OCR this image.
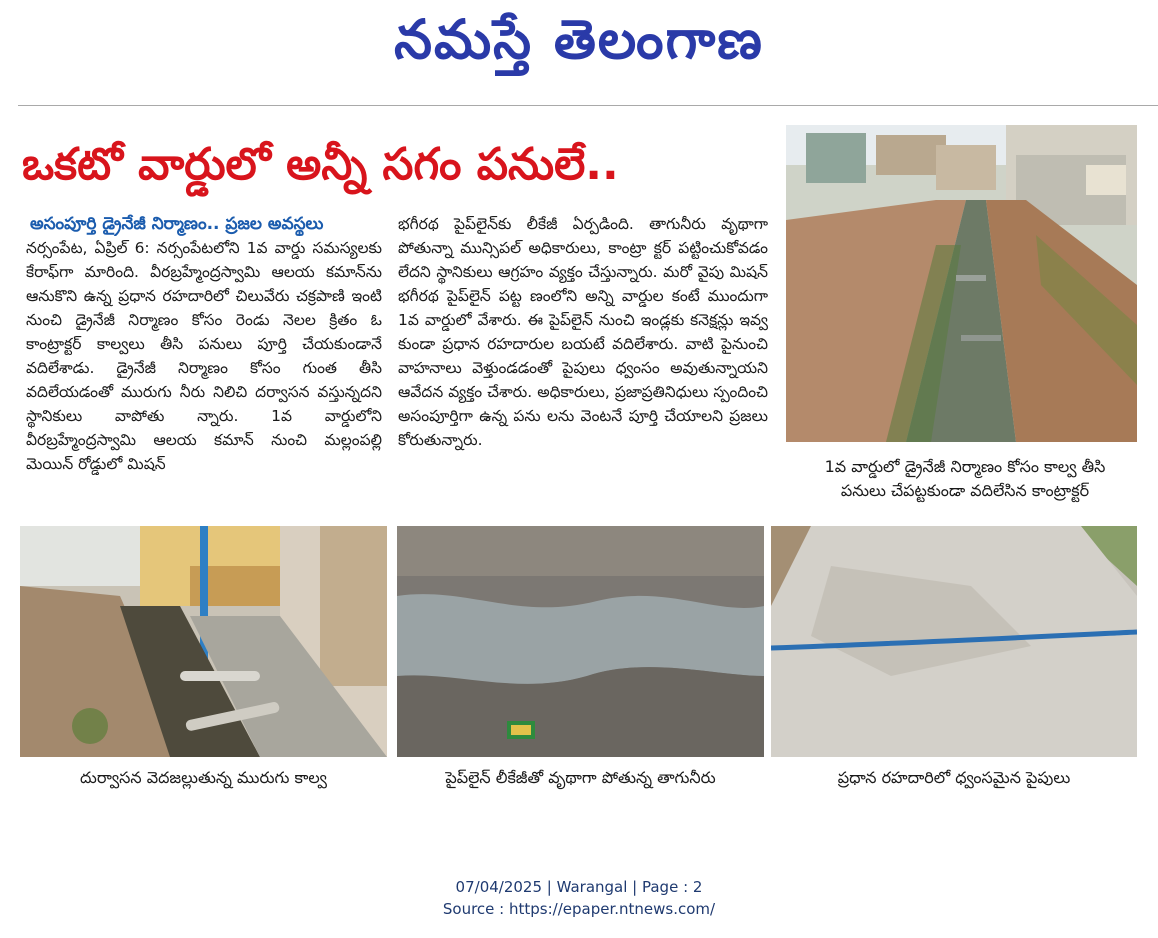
నమస్తే తెలంగాణ
ఒకటో వార్డులో అన్నీ సగం పనులే..
అసంపూర్తి డ్రైనేజీ నిర్మాణం.. ప్రజల అవస్థలు

నర్సంపేట, ఏప్రిల్ 6: నర్సంపేటలోని 1వ వార్డు సమస్యలకు కేరాఫ్‌గా మారింది. వీరబ్రహ్మేంద్రస్వామి ఆలయ కమాన్‌ను ఆనుకొని ఉన్న ప్రధాన రహదారిలో చిలువేరు చక్రపాణి ఇంటి నుంచి డ్రైనేజీ నిర్మాణం కోసం రెండు నెలల క్రితం ఓ కాంట్రాక్టర్ కాల్వలు తీసి పనులు పూర్తి చేయకుండానే వదిలేశాడు. డ్రైనేజీ నిర్మాణం కోసం గుంత తీసి వదిలేయడంతో మురుగు నీరు నిలిచి దర్వాసన వస్తున్నదని స్థానికులు వాపోతు న్నారు. 1వ వార్డులోని వీరబ్రహ్మేంద్రస్వామి ఆలయ కమాన్ నుంచి మల్లంపల్లి మెయిన్ రోడ్డులో మిషన్

భగీరథ పైప్‌లైన్‌కు లీకేజీ ఏర్పడింది. తాగునీరు వృథాగా పోతున్నా మున్సిపల్ అధికారులు, కాంట్రా క్టర్ పట్టించుకోవడం లేదని స్థానికులు ఆగ్రహం వ్యక్తం చేస్తున్నారు. మరో వైపు మిషన్ భగీరథ పైప్‌లైన్ పట్ట ణంలోని అన్ని వార్డుల కంటే ముందుగా 1వ వార్డులో వేశారు. ఈ పైప్‌లైన్ నుంచి ఇండ్లకు కనెక్షన్లు ఇవ్వ కుండా ప్రధాన రహదారుల బయటే వదిలేశారు. వాటి పైనుంచి వాహనాలు వెళ్తుండడంతో పైపులు ధ్వంసం అవుతున్నాయని ఆవేదన వ్యక్తం చేశారు. అధికారులు, ప్రజాప్రతినిధులు స్పందించి అసంపూర్తిగా ఉన్న పను లను వెంటనే పూర్తి చేయాలని ప్రజలు కోరుతున్నారు.

1వ వార్డులో డ్రైనేజీ నిర్మాణం కోసం కాల్వ తీసి పనులు చేపట్టకుండా వదిలేసిన కాంట్రాక్టర్
దుర్వాసన వెదజల్లుతున్న మురుగు కాల్వ	పైప్‌లైన్ లీకేజీతో వృథాగా పోతున్న తాగునీరు	ప్రధాన రహదారిలో ధ్వంసమైన పైపులు
07/04/2025 | Warangal | Page : 2
Source : https://epaper.ntnews.com/
